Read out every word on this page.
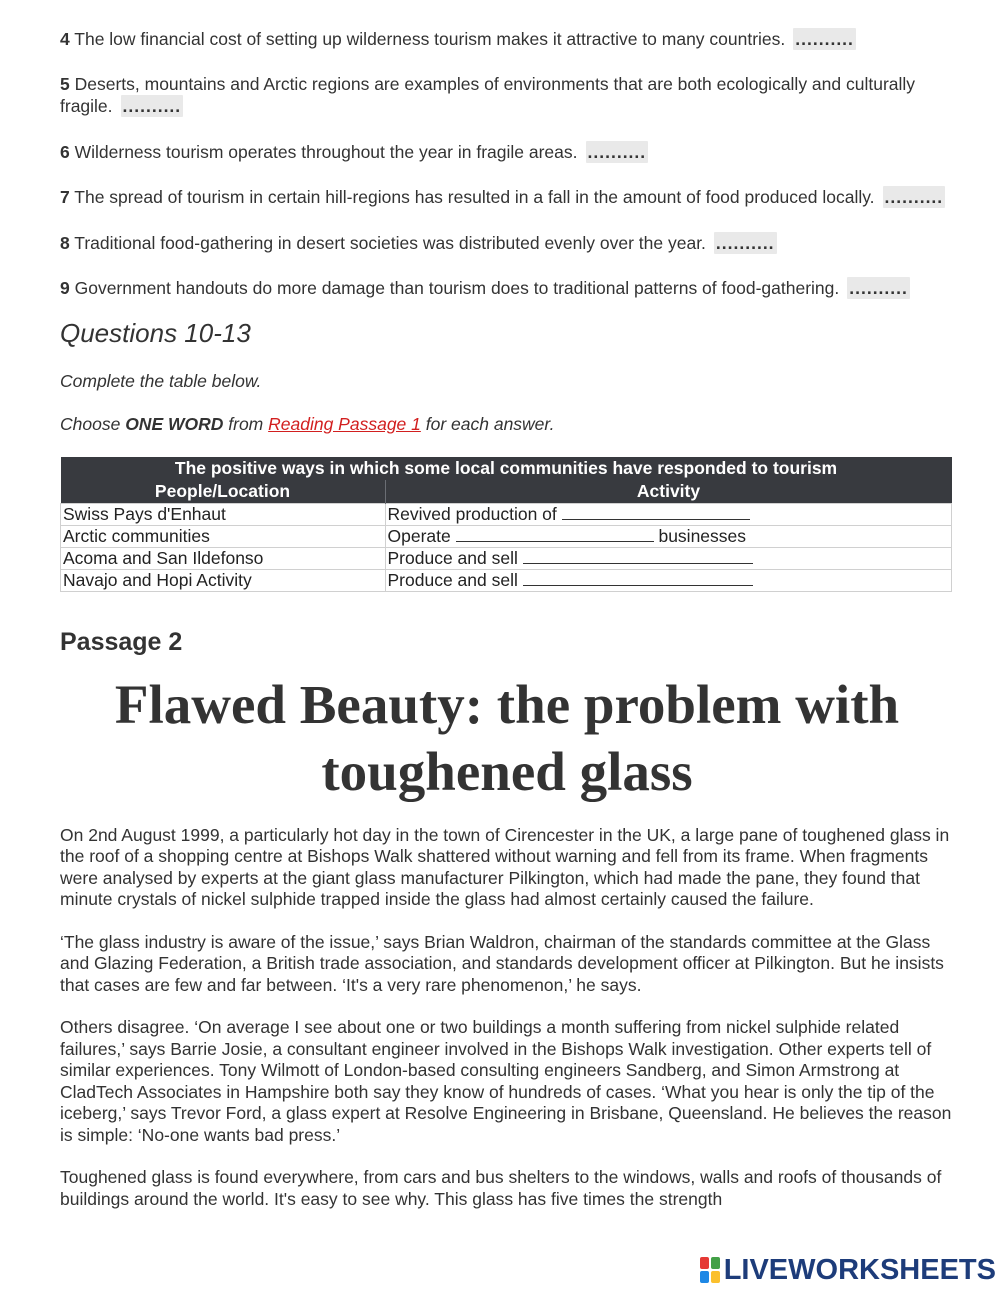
4 The low financial cost of setting up wilderness tourism makes it attractive to many countries. ..........
5 Deserts, mountains and Arctic regions are examples of environments that are both ecologically and culturally fragile. ..........
6 Wilderness tourism operates throughout the year in fragile areas. ..........
7 The spread of tourism in certain hill-regions has resulted in a fall in the amount of food produced locally. ..........
8 Traditional food-gathering in desert societies was distributed evenly over the year. ..........
9 Government handouts do more damage than tourism does to traditional patterns of food-gathering. ..........
Questions 10-13
Complete the table below.
Choose ONE WORD from Reading Passage 1 for each answer.
The positive ways in which some local communities have responded to tourism	
People/Location	Activity
Swiss Pays d'Enhaut	Revived production of
Arctic communities	Operate businesses
Acoma and San Ildefonso	Produce and sell
Navajo and Hopi Activity	Produce and sell
Passage 2
Flawed Beauty: the problem with toughened glass

On 2nd August 1999, a particularly hot day in the town of Cirencester in the UK, a large pane of toughened glass in the roof of a shopping centre at Bishops Walk shattered without warning and fell from its frame. When fragments were analysed by experts at the giant glass manufacturer Pilkington, which had made the pane, they found that minute crystals of nickel sulphide trapped inside the glass had almost certainly caused the failure.

‘The glass industry is aware of the issue,’ says Brian Waldron, chairman of the standards committee at the Glass and Glazing Federation, a British trade association, and standards development officer at Pilkington. But he insists that cases are few and far between. ‘It's a very rare phenomenon,’ he says.

Others disagree. ‘On average I see about one or two buildings a month suffering from nickel sulphide related failures,’ says Barrie Josie, a consultant engineer involved in the Bishops Walk investigation. Other experts tell of similar experiences. Tony Wilmott of London-based consulting engineers Sandberg, and Simon Armstrong at CladTech Associates in Hampshire both say they know of hundreds of cases. ‘What you hear is only the tip of the iceberg,’ says Trevor Ford, a glass expert at Resolve Engineering in Brisbane, Queensland. He believes the reason is simple: ‘No-one wants bad press.’

Toughened glass is found everywhere, from cars and bus shelters to the windows, walls and roofs of thousands of buildings around the world. It's easy to see why. This glass has five times the strength

LIVEWORKSHEETS
